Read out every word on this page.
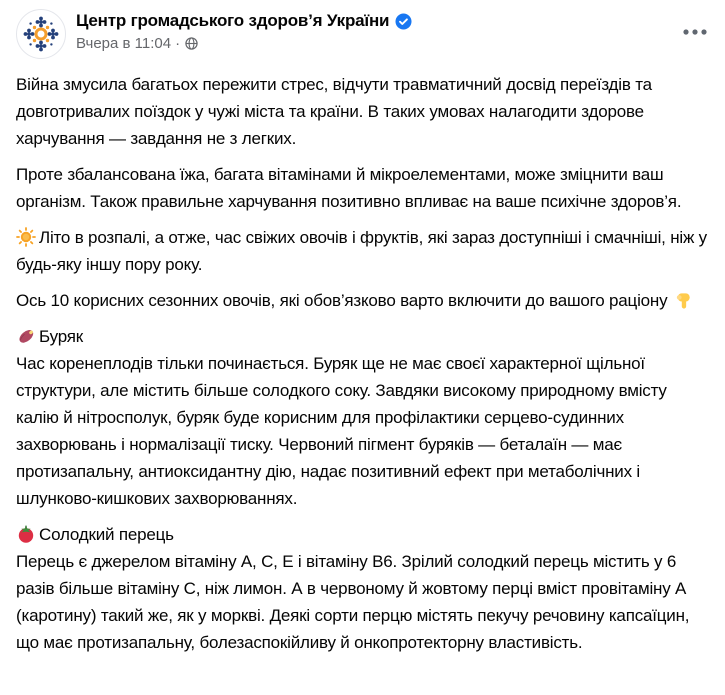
Центр громадського здоров’я України
Вчера в 11:04 ·

Війна змусила багатьох пережити стрес, відчути травматичний досвід переїздів та довготривалих поїздок у чужі міста та країни. В таких умовах налагодити здорове харчування — завдання не з легких.

Проте збалансована їжа, багата вітамінами й мікроелементами, може зміцнити ваш організм. Також правильне харчування позитивно впливає на ваше психічне здоров’я.

Літо в розпалі, а отже, час свіжих овочів і фруктів, які зараз доступніші і смачніші, ніж у будь-яку іншу пору року.

Ось 10 корисних сезонних овочів, які обов’язково варто включити до вашого раціону

Буряк

Час коренеплодів тільки починається. Буряк ще не має своєї характерної щільної структури, але містить більше солодкого соку. Завдяки високому природному вмісту калію й нітросполук, буряк буде корисним для профілактики серцево-судинних захворювань і нормалізації тиску. Червоний пігмент буряків — беталаїн — має протизапальну, антиоксидантну дію, надає позитивний ефект при метаболічних і шлунково-кишкових захворюваннях.

Солодкий перець

Перець є джерелом вітаміну А, С, Е і вітаміну В6. Зрілий солодкий перець містить у 6 разів більше вітаміну С, ніж лимон. А в червоному й жовтому перці вміст провітаміну А (каротину) такий же, як у моркві. Деякі сорти перцю містять пекучу речовину капсаїцин, що має протизапальну, болезаспокійливу й онкопротекторну властивість.
